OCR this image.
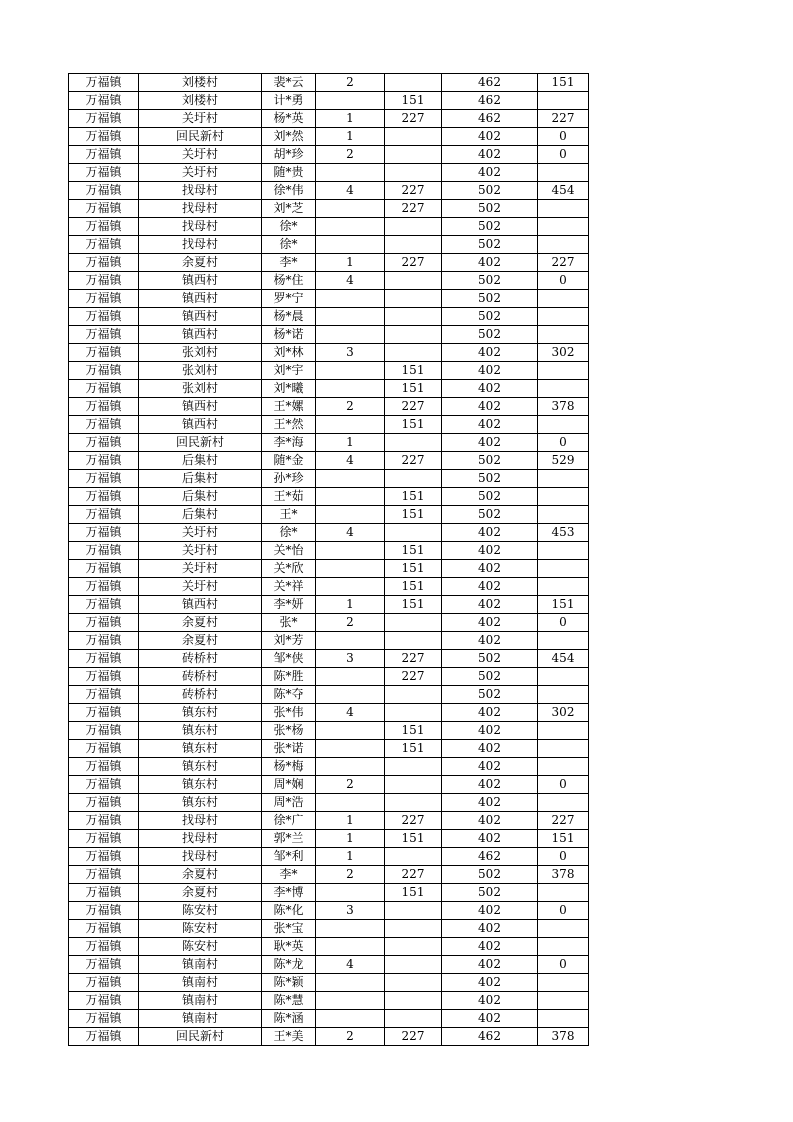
万福镇	刘楼村	裴*云	2		462	151
万福镇	刘楼村	计*勇		151	462	
万福镇	关圩村	杨*英	1	227	462	227
万福镇	回民新村	刘*然	1		402	0
万福镇	关圩村	胡*珍	2		402	0
万福镇	关圩村	随*贵			402	
万福镇	找母村	徐*伟	4	227	502	454
万福镇	找母村	刘*芝		227	502	
万福镇	找母村	徐*			502	
万福镇	找母村	徐*			502	
万福镇	余夏村	李*	1	227	402	227
万福镇	镇西村	杨*住	4		502	0
万福镇	镇西村	罗*宁			502	
万福镇	镇西村	杨*晨			502	
万福镇	镇西村	杨*诺			502	
万福镇	张刘村	刘*林	3		402	302
万福镇	张刘村	刘*宇		151	402	
万福镇	张刘村	刘*曦		151	402	
万福镇	镇西村	王*嫘	2	227	402	378
万福镇	镇西村	王*然		151	402	
万福镇	回民新村	李*海	1		402	0
万福镇	后集村	随*金	4	227	502	529
万福镇	后集村	孙*珍			502	
万福镇	后集村	王*茹		151	502	
万福镇	后集村	王*		151	502	
万福镇	关圩村	徐*	4		402	453
万福镇	关圩村	关*怡		151	402	
万福镇	关圩村	关*欣		151	402	
万福镇	关圩村	关*祥		151	402	
万福镇	镇西村	李*妍	1	151	402	151
万福镇	余夏村	张*	2		402	0
万福镇	余夏村	刘*芳			402	
万福镇	砖桥村	邹*侠	3	227	502	454
万福镇	砖桥村	陈*胜		227	502	
万福镇	砖桥村	陈*夺			502	
万福镇	镇东村	张*伟	4		402	302
万福镇	镇东村	张*杨		151	402	
万福镇	镇东村	张*诺		151	402	
万福镇	镇东村	杨*梅			402	
万福镇	镇东村	周*娴	2		402	0
万福镇	镇东村	周*浩			402	
万福镇	找母村	徐*广	1	227	402	227
万福镇	找母村	郭*兰	1	151	402	151
万福镇	找母村	邹*利	1		462	0
万福镇	余夏村	李*	2	227	502	378
万福镇	余夏村	李*博		151	502	
万福镇	陈安村	陈*化	3		402	0
万福镇	陈安村	张*宝			402	
万福镇	陈安村	耿*英			402	
万福镇	镇南村	陈*龙	4		402	0
万福镇	镇南村	陈*颖			402	
万福镇	镇南村	陈*慧			402	
万福镇	镇南村	陈*涵			402	
万福镇	回民新村	王*美	2	227	462	378
